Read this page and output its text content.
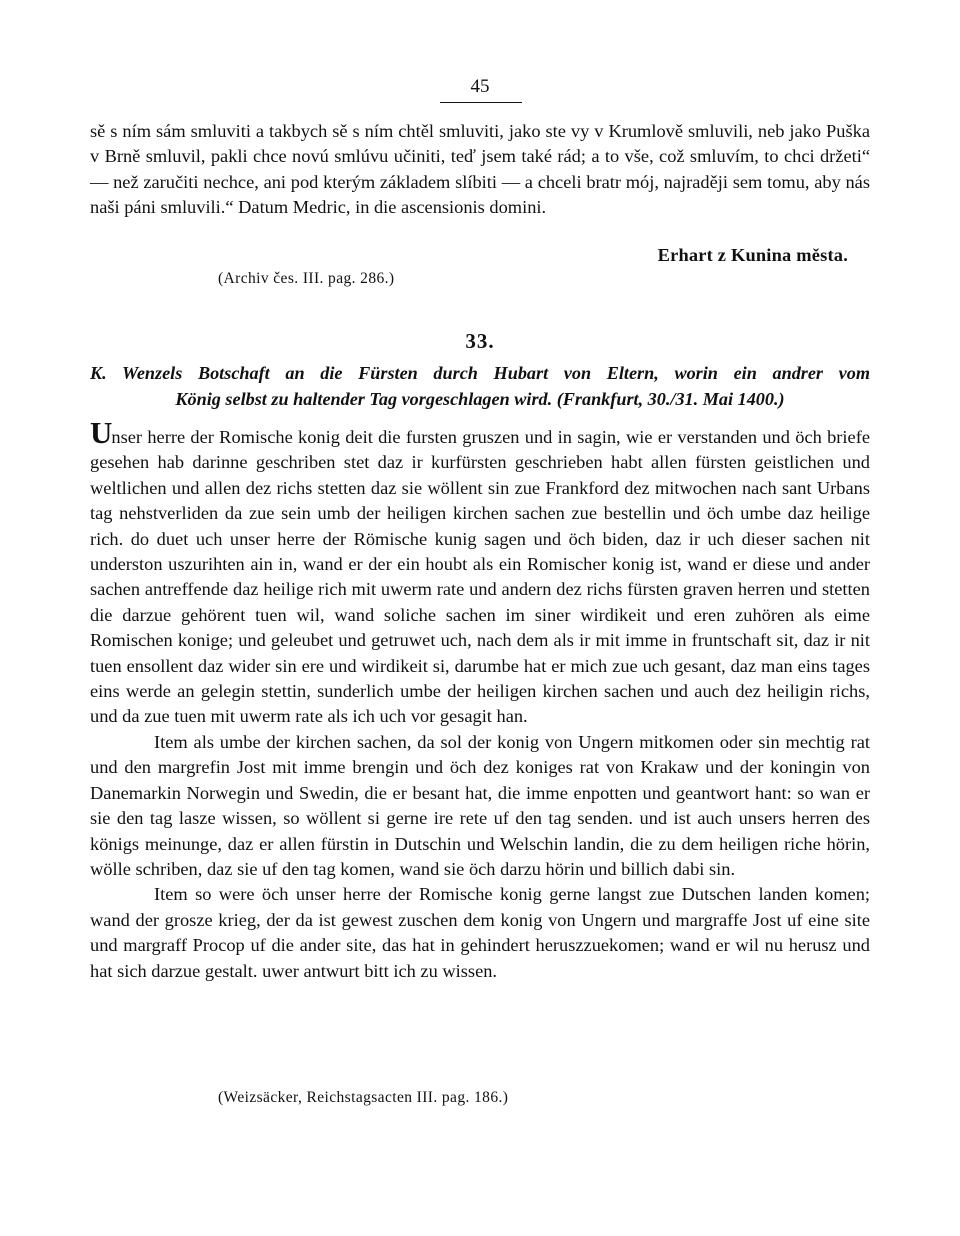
45

sě s ním sám smluviti a takbych sě s ním chtěl smluviti, jako ste vy v Krumlově smluvili, neb jako Puška v Brně smluvil, pakli chce novú smlúvu učiniti, teď jsem také rád; a to vše, což smluvím, to chci držeti“ — než zaručiti nechce, ani pod kterým základem slíbiti — a chceli bratr mój, najraději sem tomu, aby nás naši páni smluvili.“ Datum Medric, in die ascensionis domini.

Erhart z Kunina města.
(Archiv čes. III. pag. 286.)
33.
K. Wenzels Botschaft an die Fürsten durch Hubart von Eltern, worin ein andrer vom
König selbst zu haltender Tag vorgeschlagen wird. (Frankfurt, 30./31. Mai 1400.)

Unser herre der Romische konig deit die fursten gruszen und in sagin, wie er verstanden und öch briefe gesehen hab darinne geschriben stet daz ir kurfürsten geschrieben habt allen fürsten geistlichen und weltlichen und allen dez richs stetten daz sie wöllent sin zue Frankford dez mitwochen nach sant Urbans tag nehstverliden da zue sein umb der heiligen kirchen sachen zue bestellin und öch umbe daz heilige rich. do duet uch unser herre der Römische kunig sagen und öch biden, daz ir uch dieser sachen nit underston uszurihten ain in, wand er der ein houbt als ein Romischer konig ist, wand er diese und ander sachen antreffende daz heilige rich mit uwerm rate und andern dez richs fürsten graven herren und stetten die darzue gehörent tuen wil, wand soliche sachen im siner wirdikeit und eren zuhören als eime Romischen konige; und geleubet und getruwet uch, nach dem als ir mit imme in fruntschaft sit, daz ir nit tuen ensollent daz wider sin ere und wirdikeit si, darumbe hat er mich zue uch gesant, daz man eins tages eins werde an gelegin stettin, sunderlich umbe der heiligen kirchen sachen und auch dez heiligin richs, und da zue tuen mit uwerm rate als ich uch vor gesagit han.

Item als umbe der kirchen sachen, da sol der konig von Ungern mitkomen oder sin mechtig rat und den margrefin Jost mit imme brengin und öch dez koniges rat von Krakaw und der koningin von Danemarkin Norwegin und Swedin, die er besant hat, die imme enpotten und geantwort hant: so wan er sie den tag lasze wissen, so wöllent si gerne ire rete uf den tag senden. und ist auch unsers herren des königs meinunge, daz er allen fürstin in Dutschin und Welschin landin, die zu dem heiligen riche hörin, wölle schriben, daz sie uf den tag komen, wand sie öch darzu hörin und billich dabi sin.

Item so were öch unser herre der Romische konig gerne langst zue Dutschen landen komen; wand der grosze krieg, der da ist gewest zuschen dem konig von Ungern und margraffe Jost uf eine site und margraff Procop uf die ander site, das hat in gehindert heruszzuekomen; wand er wil nu herusz und hat sich darzue gestalt. uwer antwurt bitt ich zu wissen.

(Weizsäcker, Reichstagsacten III. pag. 186.)
